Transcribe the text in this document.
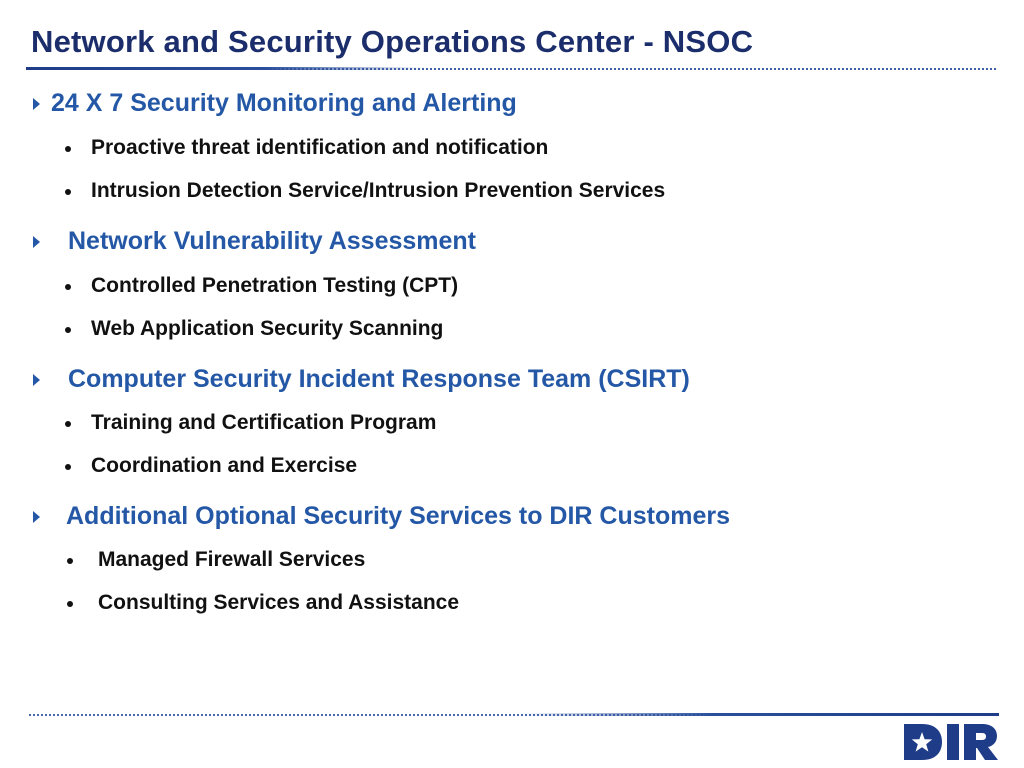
Network and Security Operations Center - NSOC
24 X 7 Security Monitoring and Alerting
Proactive threat identification and notification
Intrusion Detection Service/Intrusion Prevention Services
Network Vulnerability Assessment
Controlled Penetration Testing (CPT)
Web Application Security Scanning
Computer Security Incident Response Team (CSIRT)
Training and Certification Program
Coordination and Exercise
Additional Optional Security Services to DIR Customers
Managed Firewall Services
Consulting Services and Assistance
